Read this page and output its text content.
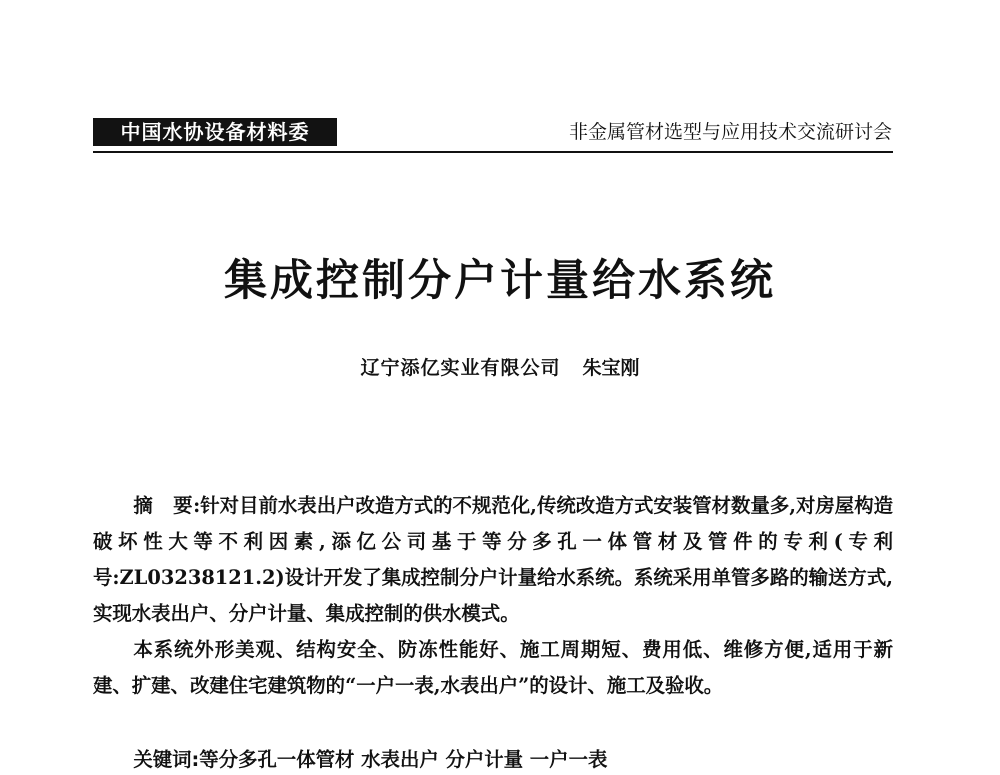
中国水协设备材料委	非金属管材选型与应用技术交流研讨会
集成控制分户计量给水系统
辽宁添亿实业有限公司 朱宝刚

摘　要:针对目前水表出户改造方式的不规范化,传统改造方式安装管材数量多,对房屋构造破坏性大等不利因素,添亿公司基于等分多孔一体管材及管件的专利(专利号:ZL03238121.2)设计开发了集成控制分户计量给水系统。系统采用单管多路的输送方式,实现水表出户、分户计量、集成控制的供水模式。

本系统外形美观、结构安全、防冻性能好、施工周期短、费用低、维修方便,适用于新建、扩建、改建住宅建筑物的“一户一表,水表出户”的设计、施工及验收。

关键词:等分多孔一体管材 水表出户 分户计量 一户一表
